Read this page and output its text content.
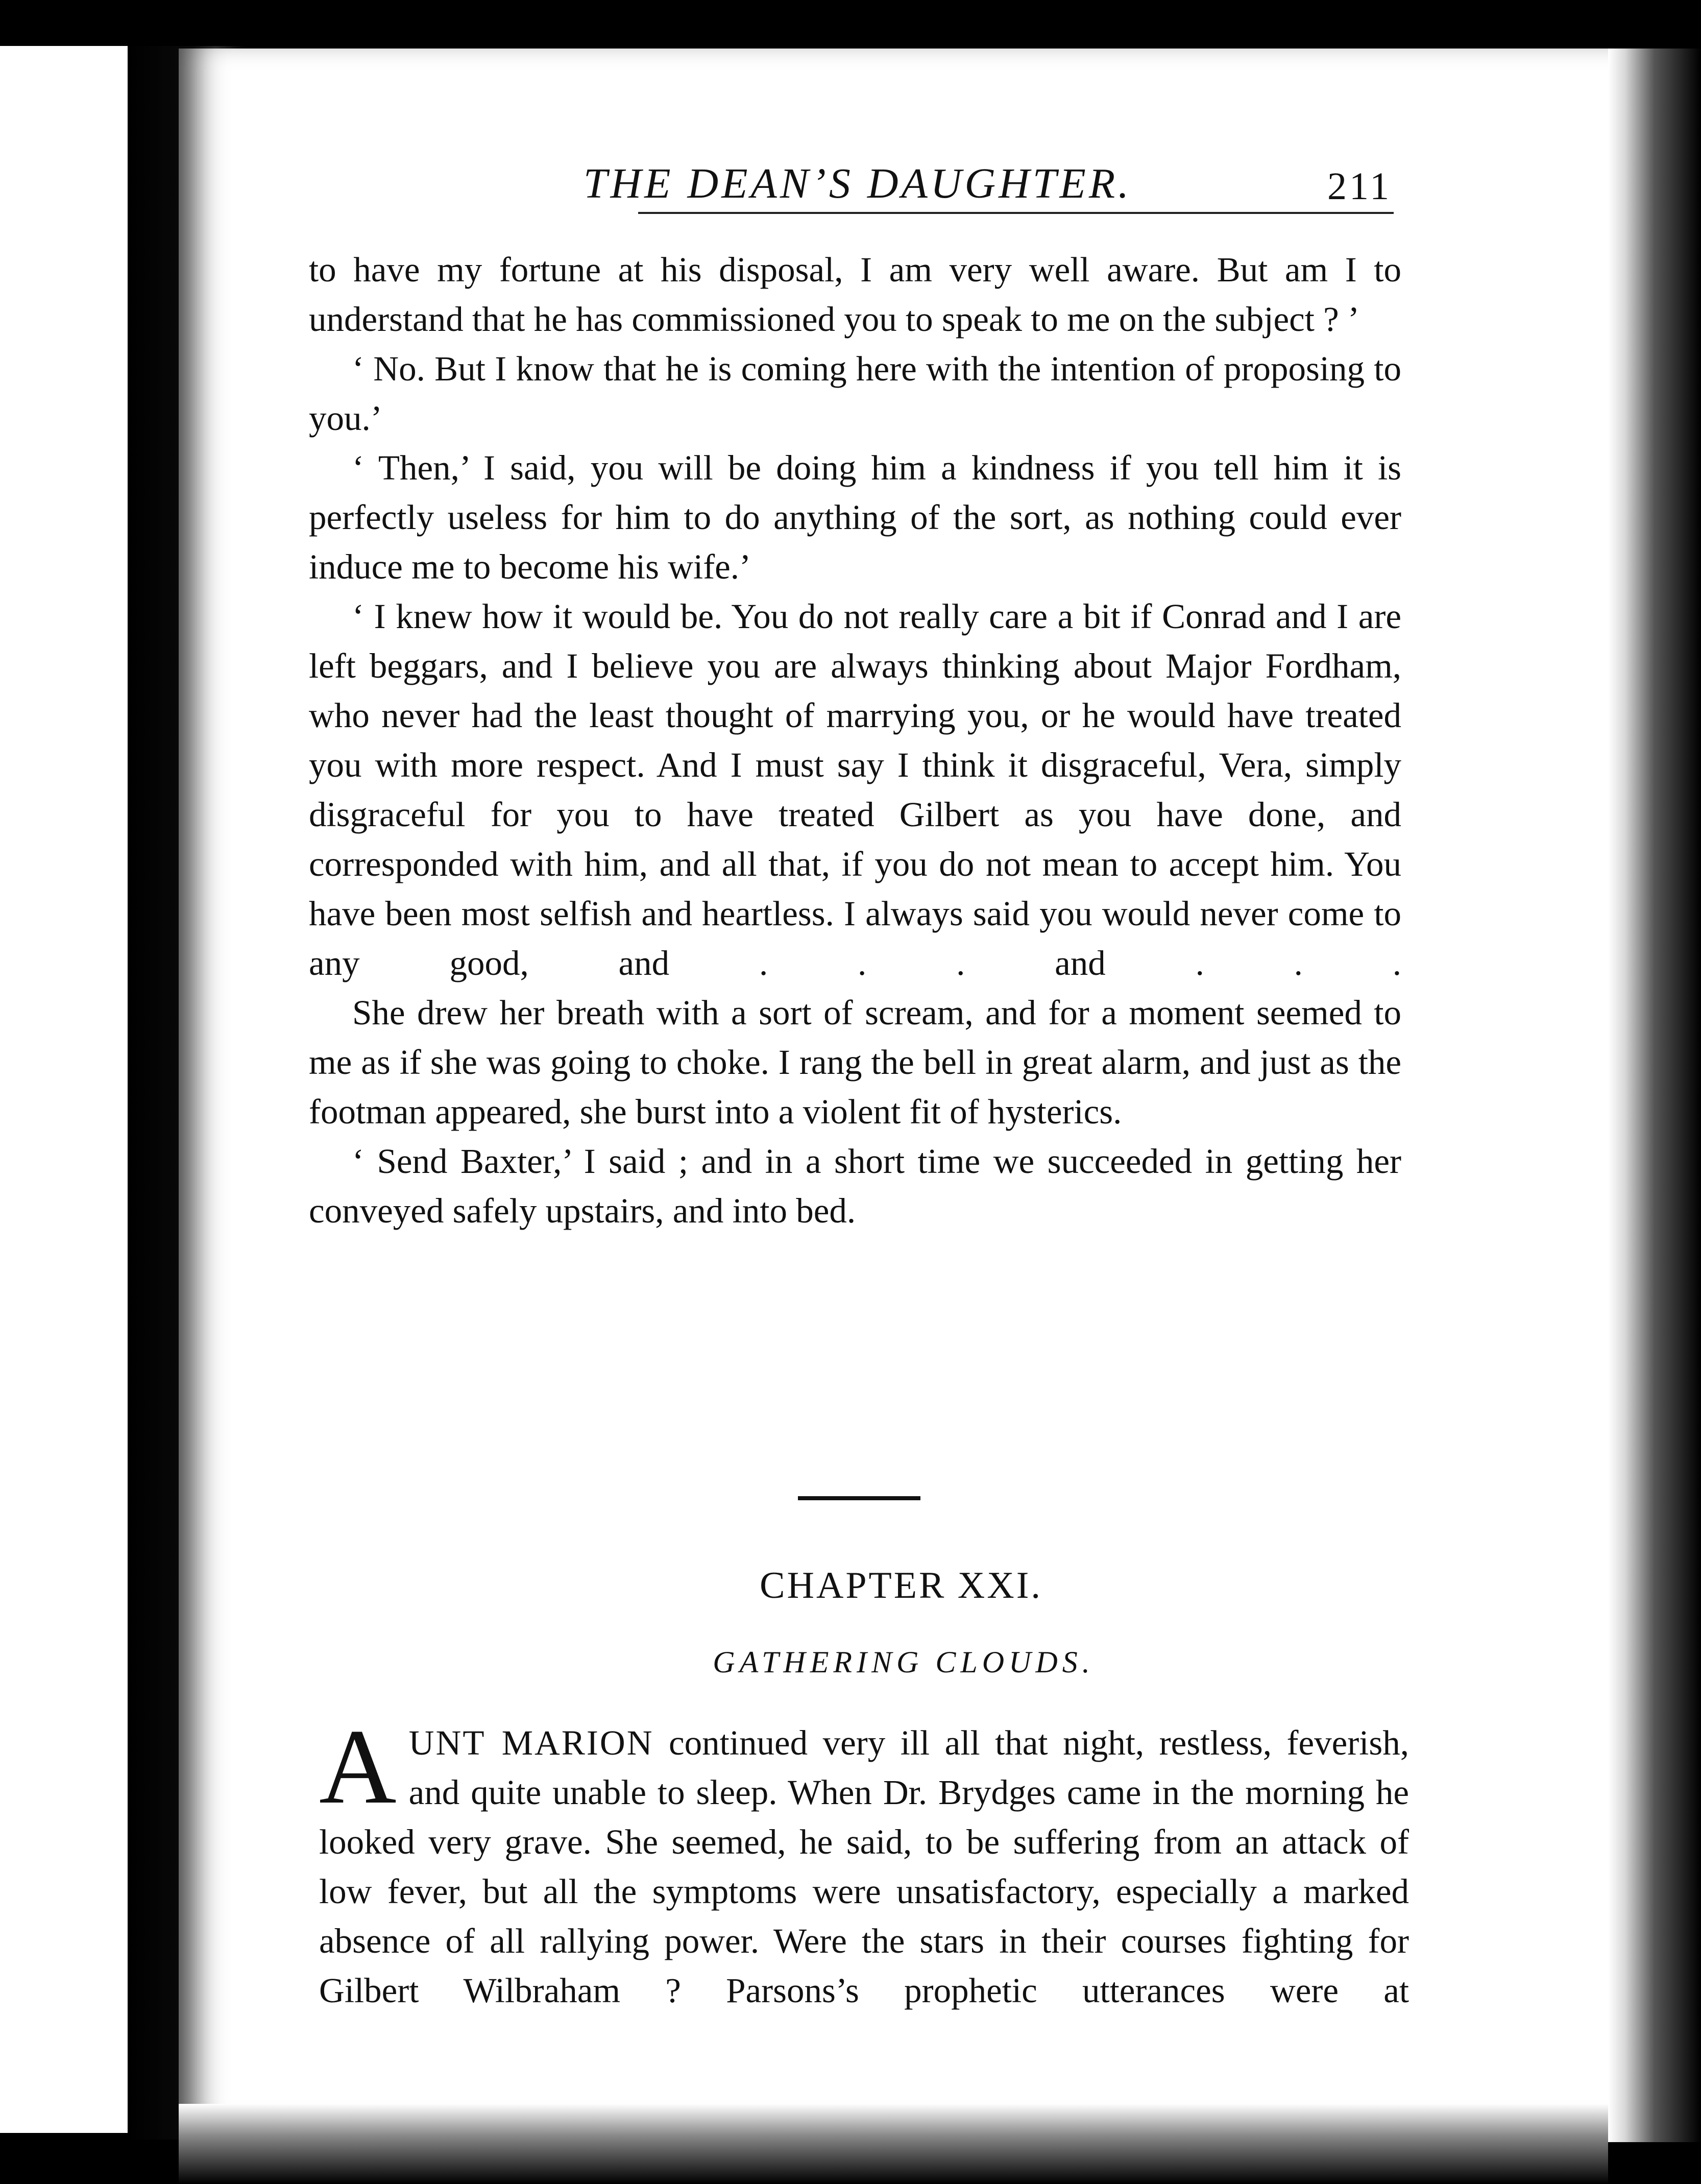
THE DEAN’S DAUGHTER.	211

to have my fortune at his disposal, I am very well aware. But am I to understand that he has commissioned you to speak to me on the subject ? ’

‘ No. But I know that he is coming here with the intention of proposing to you.’

‘ Then,’ I said, you will be doing him a kindness if you tell him it is perfectly useless for him to do anything of the sort, as nothing could ever induce me to become his wife.’

‘ I knew how it would be. You do not really care a bit if Conrad and I are left beggars, and I believe you are always thinking about Major Fordham, who never had the least thought of marrying you, or he would have treated you with more respect. And I must say I think it disgraceful, Vera, simply disgraceful for you to have treated Gilbert as you have done, and corresponded with him, and all that, if you do not mean to accept him. You have been most selfish and heartless. I always said you would never come to any good, and . . . and . . .

She drew her breath with a sort of scream, and for a moment seemed to me as if she was going to choke. I rang the bell in great alarm, and just as the footman appeared, she burst into a violent fit of hysterics.

‘ Send Baxter,’ I said ; and in a short time we succeeded in getting her conveyed safely upstairs, and into bed.

CHAPTER XXI.
GATHERING CLOUDS.

AUNT MARION continued very ill all that night, restless, feverish, and quite unable to sleep. When Dr. Brydges came in the morning he looked very grave. She seemed, he said, to be suffering from an attack of low fever, but all the symptoms were unsatisfactory, especially a marked absence of all rallying power. Were the stars in their courses fighting for Gilbert Wilbraham ? Parsons’s prophetic utterances were at
